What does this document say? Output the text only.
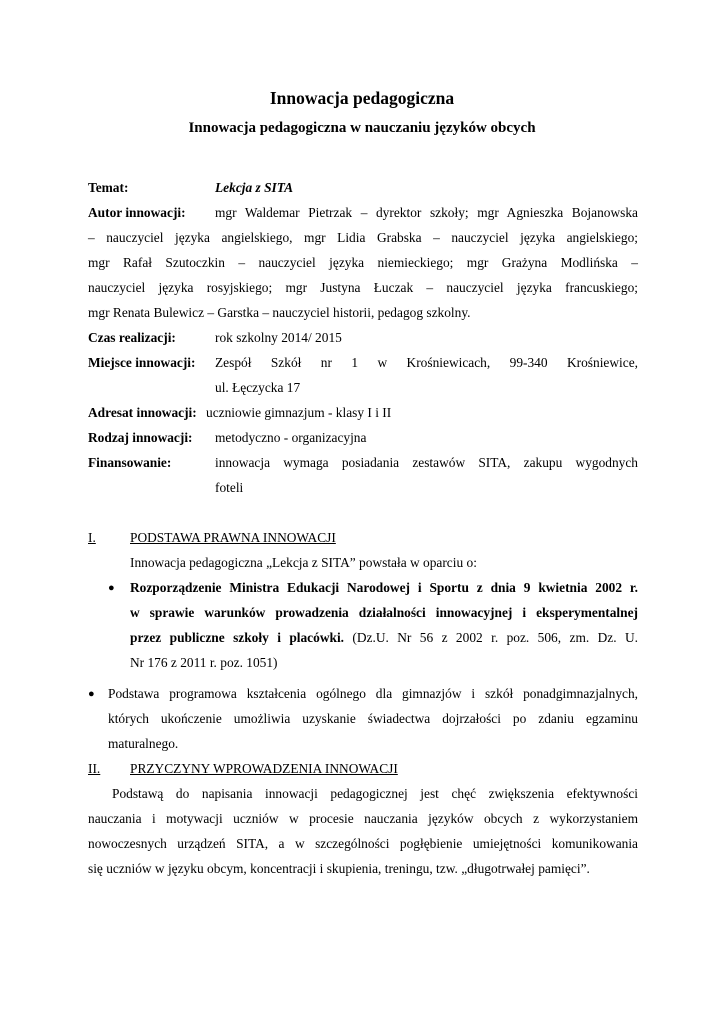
Innowacja pedagogiczna
Innowacja pedagogiczna w nauczaniu języków obcych
Temat:	Lekcja z SITA
Autor innowacji: mgr Waldemar Pietrzak – dyrektor szkoły; mgr Agnieszka Bojanowska
– nauczyciel języka angielskiego, mgr Lidia Grabska – nauczyciel języka angielskiego;
mgr Rafał Szutoczkin – nauczyciel języka niemieckiego; mgr Grażyna Modlińska –
nauczyciel języka rosyjskiego; mgr Justyna Łuczak – nauczyciel języka francuskiego;
mgr Renata Bulewicz – Garstka – nauczyciel historii, pedagog szkolny.
Czas realizacji:	rok szkolny 2014/ 2015
Miejsce innowacji: Zespół Szkół nr 1 w Krośniewicach, 99-340 Krośniewice,
ul. Łęczycka 17
Adresat innowacji: uczniowie gimnazjum - klasy I i II
Rodzaj innowacji: metodyczno - organizacyjna
Finansowanie:	innowacja wymaga posiadania zestawów SITA, zakupu wygodnych
foteli
I.	PODSTAWA PRAWNA INNOWACJI
Innowacja pedagogiczna „Lekcja z SITA” powstała w oparciu o:
● Rozporządzenie Ministra Edukacji Narodowej i Sportu z dnia 9 kwietnia 2002 r.
w sprawie warunków prowadzenia działalności innowacyjnej i eksperymentalnej
przez publiczne szkoły i placówki. (Dz.U. Nr 56 z 2002 r. poz. 506, zm. Dz. U.
Nr 176 z 2011 r. poz. 1051)
● Podstawa programowa kształcenia ogólnego dla gimnazjów i szkół ponadgimnazjalnych,
których ukończenie umożliwia uzyskanie świadectwa dojrzałości po zdaniu egzaminu
maturalnego.
II. PRZYCZYNY WPROWADZENIA INNOWACJI
Podstawą do napisania innowacji pedagogicznej jest chęć zwiększenia efektywności
nauczania i motywacji uczniów w procesie nauczania języków obcych z wykorzystaniem
nowoczesnych urządzeń SITA, a w szczególności pogłębienie umiejętności komunikowania
się uczniów w języku obcym, koncentracji i skupienia, treningu, tzw. „długotrwałej pamięci”.
